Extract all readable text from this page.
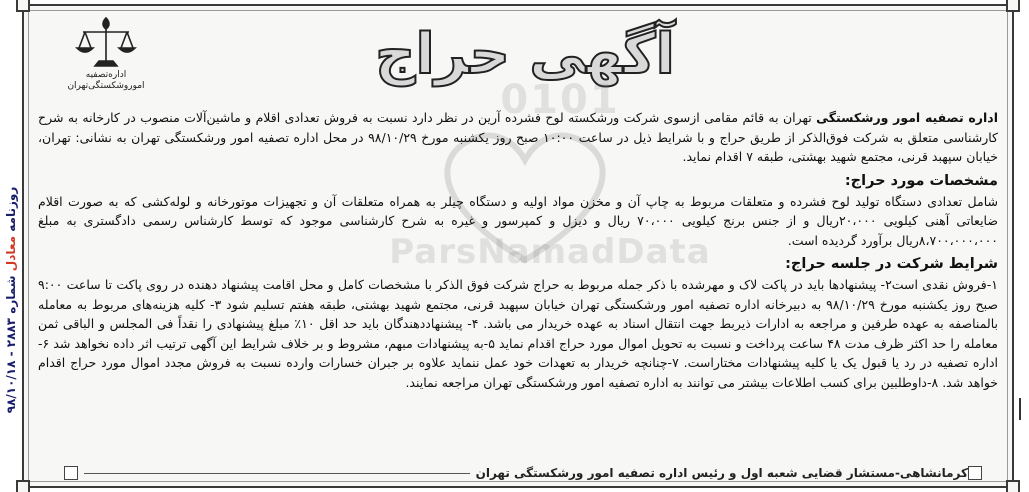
روزنامه معادل شماره ۲۸۸۳ - ۹۸/۱۰/۱۸
اداره‌تصفیه
اموروشکستگی‌تهران	آگهی حراج
0101
ParsNamadData

اداره تصفیه امور ورشکستگی تهران به قائم مقامی ازسوی شرکت ورشکسته لوح فشرده آرین در نظر دارد نسبت به فروش تعدادی اقلام و ماشین‌آلات منصوب در کارخانه به شرح کارشناسی متعلق به شرکت فوق‌الذکر از طریق حراج و با شرایط ذیل در ساعت ۱۰:۰۰ صبح روز یکشنبه مورخ ۹۸/۱۰/۲۹ در محل اداره تصفیه امور ورشکستگی تهران به نشانی: تهران، خیابان سپهبد قرنی، مجتمع شهید بهشتی، طبقه ۷ اقدام نماید.

مشخصات مورد حراج:

شامل تعدادی دستگاه تولید لوح فشرده و متعلقات مربوط به چاپ آن و مخزن مواد اولیه و دستگاه چیلر به همراه متعلقات آن و تجهیزات موتورخانه و لوله‌کشی که به صورت اقلام ضایعاتی آهنی کیلویی ۲۰،۰۰۰ریال و از جنس برنج کیلویی ۷۰،۰۰۰ ریال و دیزل و کمپرسور و غیره به شرح کارشناسی موجود که توسط کارشناس رسمی دادگستری به مبلغ ۸،۷۰۰،۰۰۰،۰۰۰ریال برآورد گردیده است.

شرایط شرکت در جلسه حراج:

۱-فروش نقدی است۲- پیشنهادها باید در پاکت لاک و مهرشده با ذکر جمله مربوط به حراج شرکت فوق الذکر با مشخصات کامل و محل اقامت پیشنهاد دهنده در روی پاکت تا ساعت ۹:۰۰ صبح روز یکشنبه مورخ ۹۸/۱۰/۲۹ به دبیرخانه اداره تصفیه امور ورشکستگی تهران خیابان سپهبد قرنی، مجتمع شهید بهشتی، طبقه هفتم تسلیم شود ۳- کلیه هزینه‌های مربوط به معامله بالمناصفه به عهده طرفین و مراجعه به ادارات ذیربط جهت انتقال اسناد به عهده خریدار می باشد. ۴- پیشنهاددهندگان باید حد اقل ۱۰٪ مبلغ پیشنهادی را نقداً فی المجلس و الباقی ثمن معامله را حد اکثر ظرف مدت ۴۸ ساعت پرداخت و نسبت به تحویل اموال مورد حراج اقدام نماید ۵-به پیشنهادات مبهم، مشروط و بر خلاف شرایط این آگهی ترتیب اثر داده نخواهد شد ۶-اداره تصفیه در رد یا قبول یک یا کلیه پیشنهادات مختاراست. ۷-چنانچه خریدار به تعهدات خود عمل ننماید علاوه بر جبران خسارات وارده نسبت به فروش مجدد اموال مورد حراج اقدام خواهد شد. ۸-داوطلبین برای کسب اطلاعات بیشتر می توانند به اداره تصفیه امور ورشکستگی تهران مراجعه نمایند.

کرمانشاهی-مستشار قضایی شعبه اول و رئیس اداره تصفیه امور ورشکستگی تهران
